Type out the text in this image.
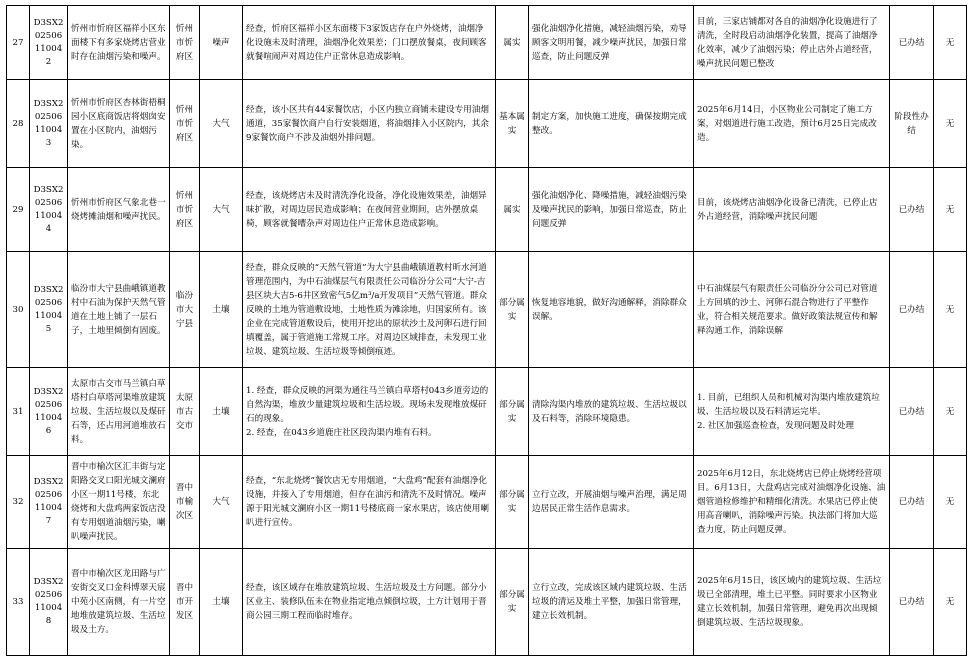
27	D3SX2
02506
11004
2	忻州市忻府区福祥小区东面楼下有多家烧烤店营业时存在油烟污染和噪声。	忻州市忻府区	噪声	经查，忻府区福祥小区东面楼下3家饭店存在户外烧烤，油烟净化设施未及时清理，油烟净化效果差；门口摆放餐桌，夜间顾客就餐喧闹声对周边住户正常休息造成影响。	属实	强化油烟净化措施，减轻油烟污染，劝导顾客文明用餐，减少噪声扰民，加强日常巡查，防止问题反弹	目前，三家店铺都对各自的油烟净化设施进行了清洗，全时段启动油烟净化装置，提高了油烟净化效率，减少了油烟污染；停止店外占道经营，噪声扰民问题已整改	已办结	无
28	D3SX2
02506
11004
3	忻州市忻府区杏林街梧桐园小区底商饭店将烟囱安置在小区院内，油烟污染。	忻州市忻府区	大气	经查，该小区共有44家餐饮店，小区内独立商铺未建设专用油烟通道，35家餐饮商户自行安装烟道，将油烟排入小区院内，其余9家餐饮商户不涉及油烟外排问题。	基本属实	制定方案，加快施工进度，确保按期完成整改。	2025年6月14日，小区物业公司制定了施工方案，对烟道进行施工改造，预计6月25日完成改造。	阶段性办结	无
29	D3SX2
02506
11004
4	忻州市忻府区气象北巷一烧烤摊油烟和噪声扰民。	忻州市忻府区	大气	经查，该烧烤店未及时清洗净化设备，净化设施效果差，油烟异味扩散，对周边居民造成影响；在夜间营业期间，店外摆放桌椅，顾客就餐嘈杂声对周边住户正常休息造成影响。	属实	强化油烟净化、降噪措施，减轻油烟污染及噪声扰民的影响，加强日常巡查，防止问题反弹	目前，该烧烤店油烟净化设备已清洗，已停止店外占道经营，消除噪声扰民问题	已办结	无
30	D3SX2
02506
11004
5	临汾市大宁县曲峨镇道教村中石油为保护天然气管道在土地上铺了一层石子，土地里倾倒有固废。	临汾市大宁县	土壤	经查，群众反映的“天然气管道”为大宁县曲峨镇道教村昕水河道管理范围内，为中石油煤层气有限责任公司临汾分公司“大宁-吉县区块大吉5-6井区致密气5亿m³/a开发项目”天然气管道。群众反映的土地为管道敷设地，土地性质为滩涂地，归国家所有。该企业在完成管道敷设后，使用开挖出的原状沙土及河卵石进行回填覆盖，属于管道施工常规工序。对周边区域排查，未发现工业垃圾、建筑垃圾、生活垃圾等倾倒痕迹。	部分属实	恢复地容地貌，做好沟通解释，消除群众误解。	中石油煤层气有限责任公司临汾分公司已对管道上方回填的沙土、河卵石混合物进行了平整作业，符合相关规范要求。做好政策法规宣传和解释沟通工作，消除误解	已办结	无
31	D3SX2
02506
11004
6	太原市古交市马兰镇白草塔村白草塔河渠堆放建筑垃圾、生活垃圾以及煤矸石等，还占用河道堆放石料。	太原市古交市	土壤	1. 经查，群众反映的河渠为通往马兰镇白草塔村043乡道旁边的自然沟渠，堆放少量建筑垃圾和生活垃圾。现场未发现堆放煤矸石的现象。
2. 经查，在043乡道鹿庄社区段沟渠内堆有石料。	部分属实	清除沟渠内堆放的建筑垃圾、生活垃圾以及石料等，消除环境隐患。	1. 目前，已组织人员和机械对沟渠内堆放建筑垃圾、生活垃圾以及石料清运完毕。
2. 社区加强巡查检查，发现问题及时处理	已办结	无
32	D3SX2
02506
11004
7	晋中市榆次区汇丰街与定阳路交叉口阳光城文澜府小区一期11号楼，东北烧烤和大盘鸡两家饭店没有专用烟道油烟污染，喇叭噪声扰民。	晋中市榆次区	大气	经查，“东北烧烤”餐饮店无专用烟道，“大盘鸡”配套有油烟净化设施，并接入了专用烟道，但存在油污和清洗不及时情况。噪声源于阳光城文澜府小区一期11号楼底商一家水果店，该店使用喇叭进行宣传。	部分属实	立行立改，开展油烟与噪声治理，满足周边居民正常生活作息需求。	2025年6月12日，东北烧烤店已停止烧烤经营项目。6月13日，大盘鸡店完成对油烟净化设施、油烟管道检修维护和精细化清洗。水果店已停止使用高音喇叭，消除噪声污染。执法部门将加大巡查力度，防止问题反弹。	已办结	无
33	D3SX2
02506
11004
8	晋中市榆次区龙田路与广安街交叉口金科博翠天宸中苑小区南侧，有一片空地堆放建筑垃圾、生活垃圾及土方。	晋中市开发区	土壤	经查，该区域存在堆放建筑垃圾、生活垃圾及土方问题。部分小区业主、装修队伍未在物业指定地点倾倒垃圾，土方计划用于晋商公园三期工程而临时堆存。	部分属实	立行立改，完成该区域内建筑垃圾、生活垃圾的清运及堆土平整，加强日常管理，建立长效机制。	2025年6月15日，该区域内的建筑垃圾、生活垃圾已全部清理，堆土已平整。同时要求小区物业建立长效机制，加强日常管理，避免再次出现倾倒建筑垃圾、生活垃圾现象。	已办结	无
